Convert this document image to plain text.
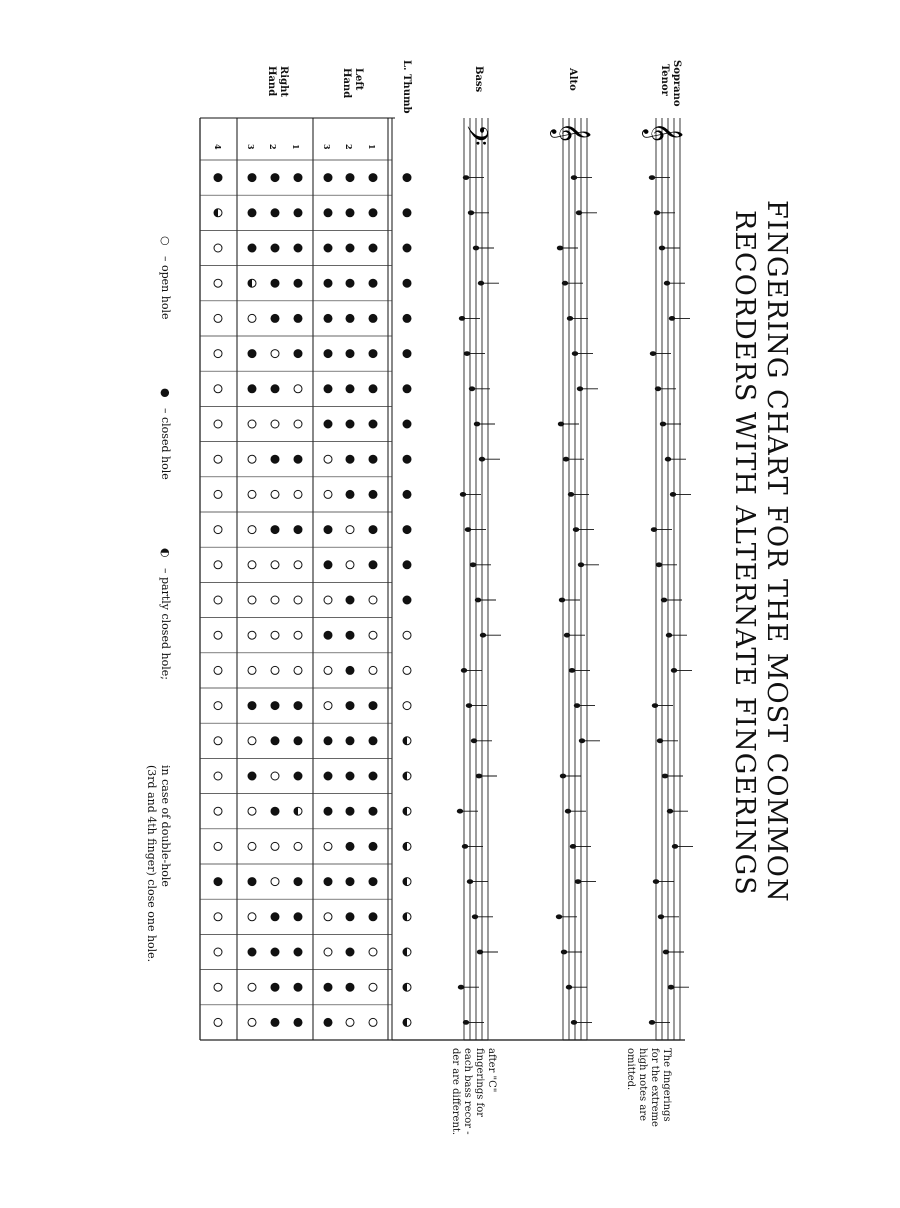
FINGERING CHART FOR THE MOST COMMON
RECORDERS WITH ALTERNATE FINGERINGS
Soprano
Tenor
Alto
Bass
L. Thumb
Left
Hand
Right
Hand
1
2
3
1
2
3
4
The fingerings
for the extreme
high notes are
omitted.
after "C"
fingerings for
each bass recor -
der are different.
○
– open hole
●
– closed hole
◐
– partly closed hole;
in case of double-hole
(3rd and 4th finger) close one hole.
𝄞
𝄞
𝄢
